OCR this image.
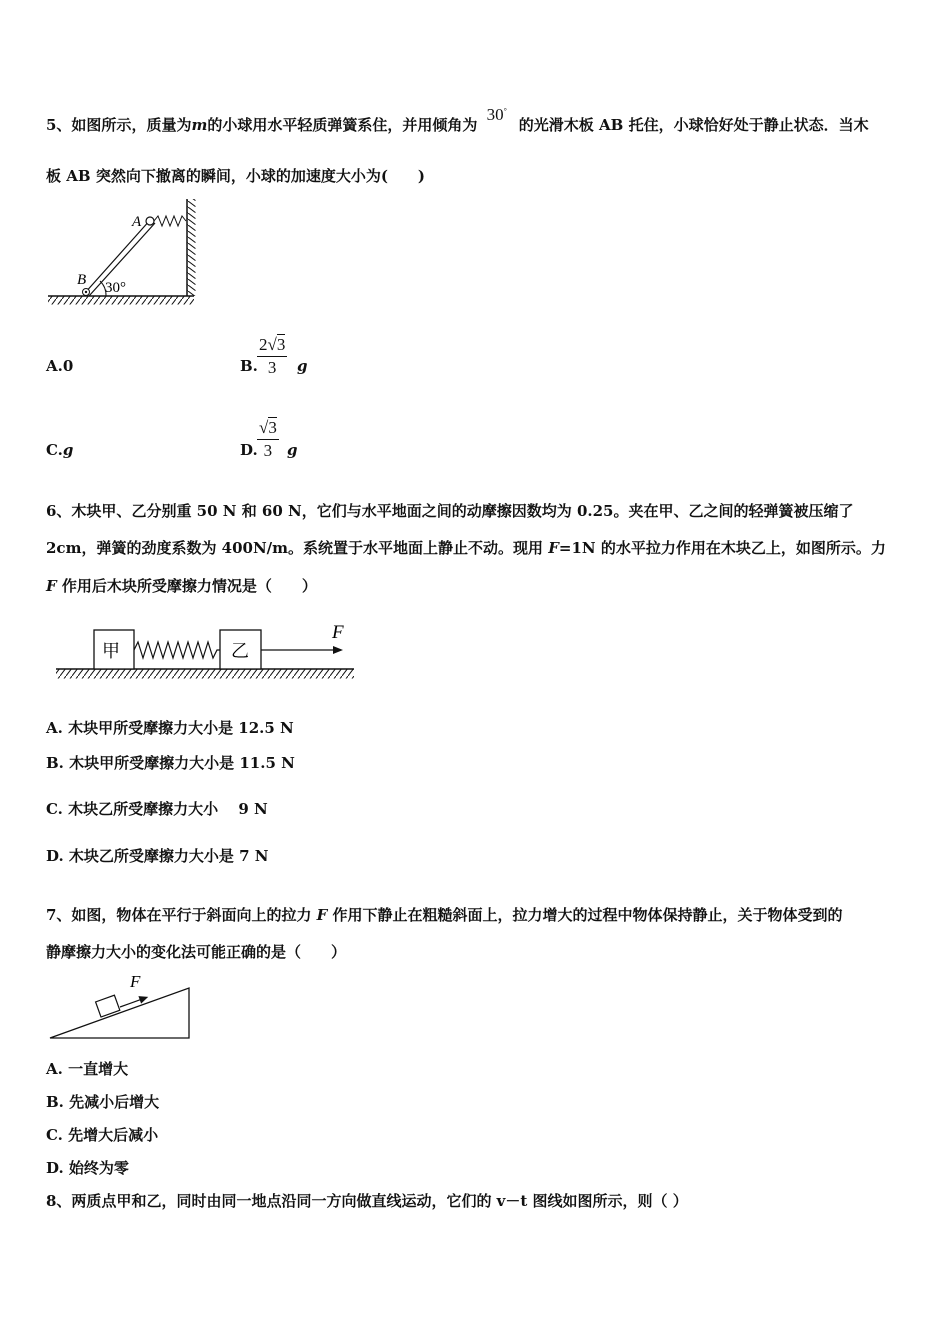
5、如图所示，质量为m的小球用水平轻质弹簧系住，并用倾角为 30°的光滑木板 AB 托住，小球恰好处于静止状态．当木
板 AB 突然向下撤离的瞬间，小球的加速度大小为(　　)
A
B 30°
A.0	B. $\frac{2√3}{3}$ g
C.g	D. $\frac{√3}{3}$ g
6、木块甲、乙分别重 50 N 和 60 N，它们与水平地面之间的动摩擦因数均为 0.25。夹在甲、乙之间的轻弹簧被压缩了
2cm，弹簧的劲度系数为 400N/m。系统置于水平地面上静止不动。现用 F=1N 的水平拉力作用在木块乙上，如图所示。力
F 作用后木块所受摩擦力情况是（　　）
甲	乙
F
A. 木块甲所受摩擦力大小是 12.5 N
B. 木块甲所受摩擦力大小是 11.5 N
C. 木块乙所受摩擦力大小　 9 N
D. 木块乙所受摩擦力大小是 7 N
7、如图，物体在平行于斜面向上的拉力 F 作用下静止在粗糙斜面上，拉力增大的过程中物体保持静止，关于物体受到的
静摩擦力大小的变化法可能正确的是（　　）
F
A. 一直增大
B. 先减小后增大
C. 先增大后减小
D. 始终为零
8、两质点甲和乙，同时由同一地点沿同一方向做直线运动，它们的 v－t 图线如图所示，则（ ）
